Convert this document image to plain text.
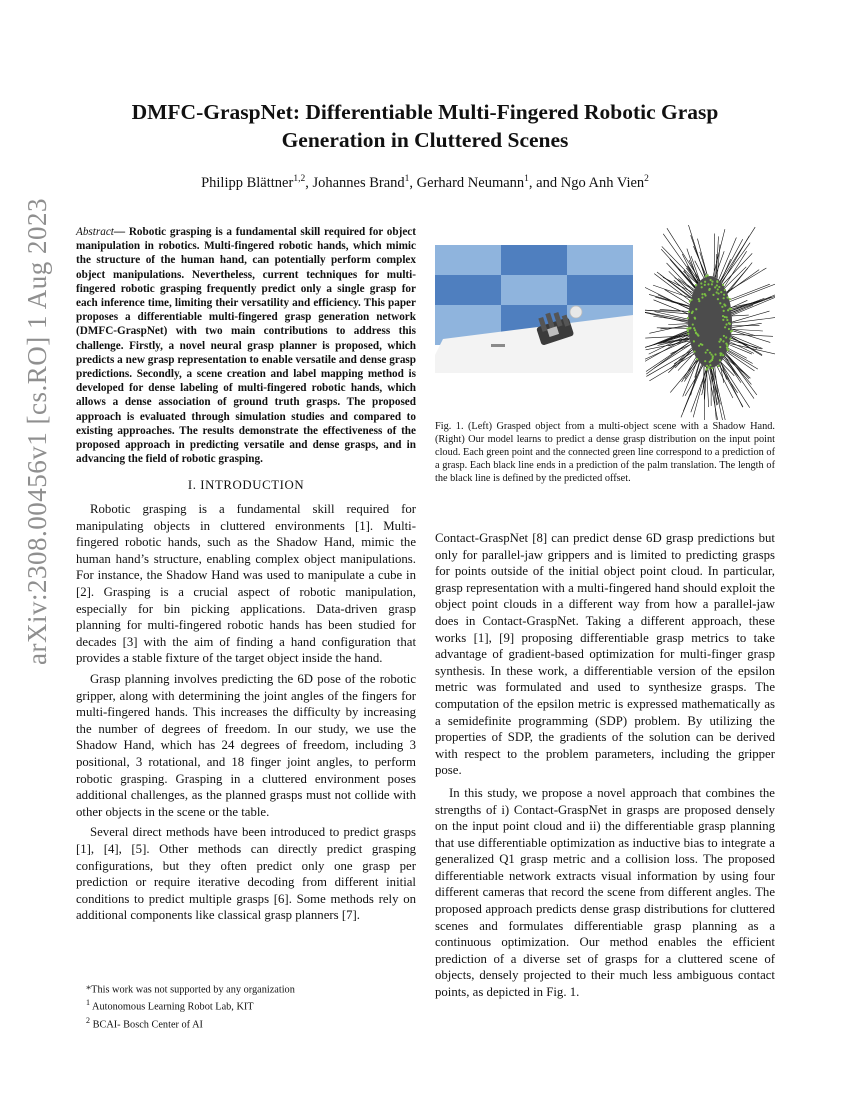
arXiv:2308.00456v1 [cs.RO] 1 Aug 2023
DMFC-GraspNet: Differentiable Multi-Fingered Robotic Grasp Generation in Cluttered Scenes
Philipp Blättner$^{1,2}$, Johannes Brand$^1$, Gerhard Neumann$^1$, and Ngo Anh Vien$^2$
Abstract— Robotic grasping is a fundamental skill required for object manipulation in robotics. Multi-fingered robotic hands, which mimic the structure of the human hand, can potentially perform complex object manipulations. Nevertheless, current techniques for multi-fingered robotic grasping frequently predict only a single grasp for each inference time, limiting their versatility and efficiency. This paper proposes a differentiable multi-fingered grasp generation network (DMFC-GraspNet) with two main contributions to address this challenge. Firstly, a novel neural grasp planner is proposed, which predicts a new grasp representation to enable versatile and dense grasp predictions. Secondly, a scene creation and label mapping method is developed for dense labeling of multi-fingered robotic hands, which allows a dense association of ground truth grasps. The proposed approach is evaluated through simulation studies and compared to existing approaches. The results demonstrate the effectiveness of the proposed approach in predicting versatile and dense grasps, and in advancing the field of robotic grasping.
I. INTRODUCTION

Robotic grasping is a fundamental skill required for manipulating objects in cluttered environments [1]. Multi-fingered robotic hands, such as the Shadow Hand, mimic the human hand’s structure, enabling complex object manipulations. For instance, the Shadow Hand was used to manipulate a cube in [2]. Grasping is a crucial aspect of robotic manipulation, especially for bin picking applications. Data-driven grasp planning for multi-fingered robotic hands has been studied for decades [3] with the aim of finding a hand configuration that provides a stable fixture of the target object inside the hand.

Grasp planning involves predicting the 6D pose of the robotic gripper, along with determining the joint angles of the fingers for multi-fingered hands. This increases the difficulty by increasing the number of degrees of freedom. In our study, we use the Shadow Hand, which has 24 degrees of freedom, including 3 positional, 3 rotational, and 18 finger joint angles, to perform robotic grasping. Grasping in a cluttered environment poses additional challenges, as the planned grasps must not collide with other objects in the scene or the table.

Several direct methods have been introduced to predict grasps [1], [4], [5]. Other methods can directly predict grasping configurations, but they often predict only one grasp per prediction or require iterative decoding from different initial conditions to predict multiple grasps [6]. Some methods rely on additional components like classical grasp planners [7].

Fig. 1. (Left) Grasped object from a multi-object scene with a Shadow Hand. (Right) Our model learns to predict a dense grasp distribution on the input point cloud. Each green point and the connected green line correspond to a prediction of a grasp. Each black line ends in a prediction of the palm translation. The length of the black line is defined by the predicted offset.

Contact-GraspNet [8] can predict dense 6D grasp predictions but only for parallel-jaw grippers and is limited to predicting grasps for points outside of the initial object point cloud. In particular, grasp representation with a multi-fingered hand should exploit the object point clouds in a different way from how a parallel-jaw does in Contact-GraspNet. Taking a different approach, these works [1], [9] proposing differentiable grasp metrics to take advantage of gradient-based optimization for multi-finger grasp synthesis. In these work, a differentiable version of the epsilon metric was formulated and used to synthesize grasps. The computation of the epsilon metric is expressed mathematically as a semidefinite programming (SDP) problem. By utilizing the properties of SDP, the gradients of the solution can be derived with respect to the problem parameters, including the gripper pose.

In this study, we propose a novel approach that combines the strengths of i) Contact-GraspNet in grasps are proposed densely on the input point cloud and ii) the differentiable grasp planning that use differentiable optimization as inductive bias to integrate a generalized Q1 grasp metric and a collision loss. The proposed differentiable network extracts visual information by using four different cameras that record the scene from different angles. The proposed approach predicts dense grasp distributions for cluttered scenes and formulates differentiable grasp planning as a continuous optimization. Our method enables the efficient prediction of a diverse set of grasps for a cluttered scene of objects, densely projected to their much less ambiguous contact points, as depicted in Fig. 1.

*This work was not supported by any organization
$^1$ Autonomous Learning Robot Lab, KIT
$^2$ BCAI- Bosch Center of AI
